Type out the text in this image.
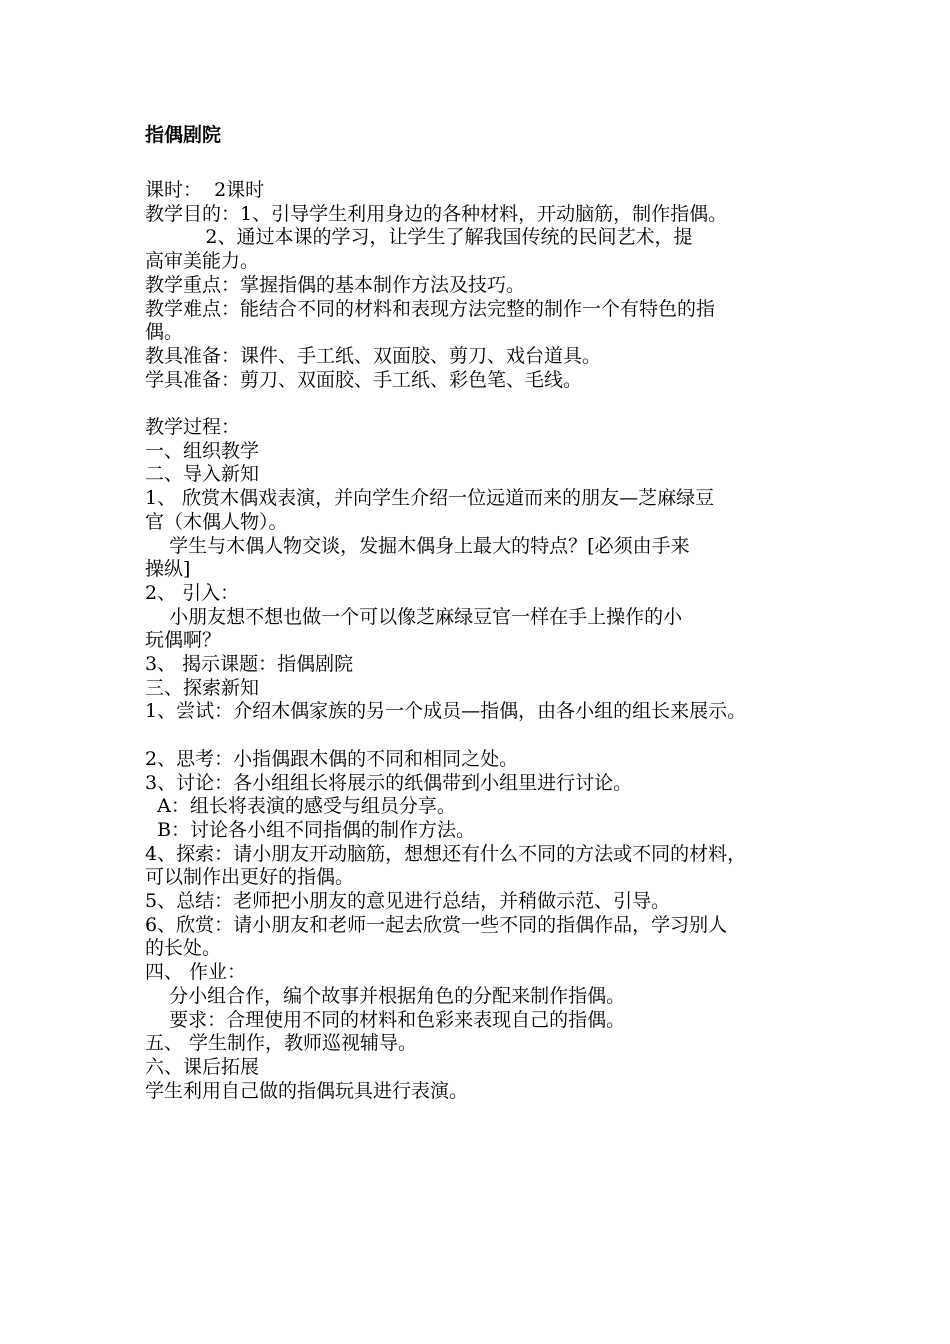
指偶剧院

课时：  2课时

教学目的：1、引导学生利用身边的各种材料，开动脑筋，制作指偶。

2、通过本课的学习，让学生了解我国传统的民间艺术，提

高审美能力。

教学重点：掌握指偶的基本制作方法及技巧。

教学难点：能结合不同的材料和表现方法完整的制作一个有特色的指

偶。

教具准备：课件、手工纸、双面胶、剪刀、戏台道具。

学具准备：剪刀、双面胶、手工纸、彩色笔、毛线。

教学过程：

一、组织教学

二、导入新知

1、 欣赏木偶戏表演，并向学生介绍一位远道而来的朋友—芝麻绿豆

官（木偶人物）。

学生与木偶人物交谈，发掘木偶身上最大的特点？[必须由手来

操纵]

2、 引入：

小朋友想不想也做一个可以像芝麻绿豆官一样在手上操作的小

玩偶啊？

3、 揭示课题：指偶剧院

三、探索新知

1、尝试：介绍木偶家族的另一个成员—指偶，由各小组的组长来展示。

2、思考：小指偶跟木偶的不同和相同之处。

3、讨论：各小组组长将展示的纸偶带到小组里进行讨论。

A：组长将表演的感受与组员分享。

B：讨论各小组不同指偶的制作方法。

4、探索：请小朋友开动脑筋，想想还有什么不同的方法或不同的材料，

可以制作出更好的指偶。

5、总结：老师把小朋友的意见进行总结，并稍做示范、引导。

6、欣赏：请小朋友和老师一起去欣赏一些不同的指偶作品，学习别人

的长处。

四、 作业：

分小组合作，编个故事并根据角色的分配来制作指偶。

要求：合理使用不同的材料和色彩来表现自己的指偶。

五、 学生制作，教师巡视辅导。

六、课后拓展

学生利用自己做的指偶玩具进行表演。
